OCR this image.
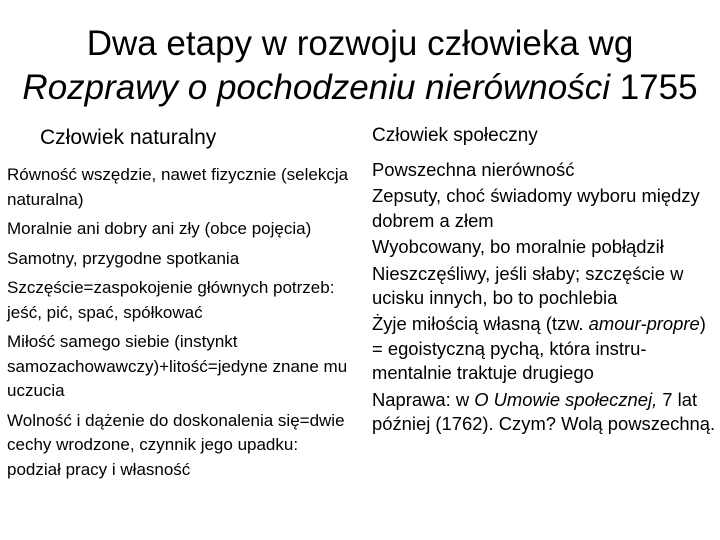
Dwa etapy w rozwoju człowieka wg
Rozprawy o pochodzeniu nierówności 1755
Człowiek naturalny	Człowiek społeczny
Równość wszędzie, nawet fizycznie (selekcja naturalna)
Moralnie ani dobry ani zły (obce pojęcia)
Samotny, przygodne spotkania
Szczęście=zaspokojenie głównych potrzeb: jeść, pić, spać, spółkować
Miłość samego siebie (instynkt samozachowawczy)+litość=jedyne znane mu uczucia
Wolność i dążenie do doskonalenia się=dwie cechy wrodzone, czynnik jego upadku: podział pracy i własność
Powszechna nierówność
Zepsuty, choć świadomy wyboru między dobrem a złem
Wyobcowany, bo moralnie pobłądził
Nieszczęśliwy, jeśli słaby; szczęście w ucisku innych, bo to pochlebia
Żyje miłością własną (tzw. amour-propre) = egoistyczną pychą, która instru-mentalnie traktuje drugiego
Naprawa: w O Umowie społecznej, 7 lat później (1762). Czym? Wolą powszechną.
